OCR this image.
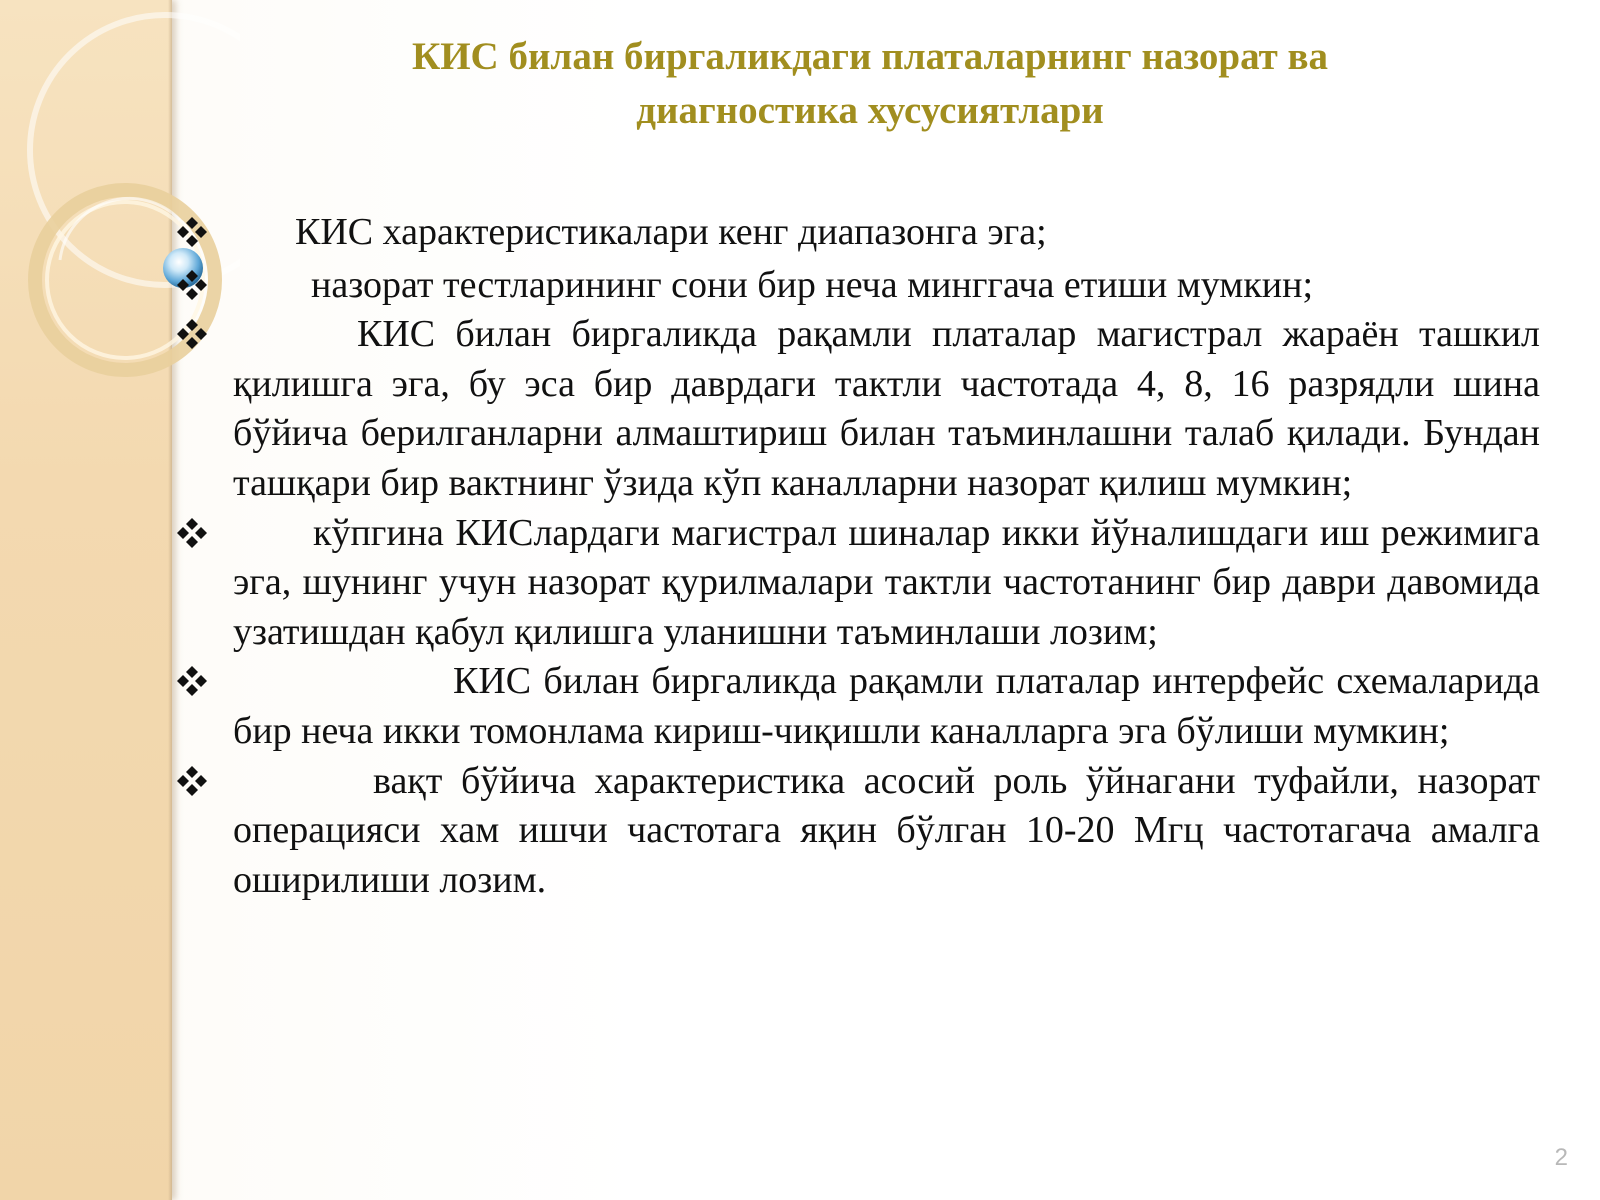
КИС билан биргаликдаги платаларнинг назорат ва
диагностика хусусиятлари

КИС характеристикалари кенг диапазонга эга;

назорат тестларининг сони бир неча минггача етиши мумкин;

КИС билан биргаликда рақамли платалар магистрал жараён ташкил қилишга эга, бу эса бир даврдаги тактли частотада 4, 8, 16 разрядли шина бўйича берилганларни алмаштириш билан таъминлашни талаб қилади. Бундан ташқари бир вактнинг ўзида кўп каналларни назорат қилиш мумкин;

кўпгина КИСлардаги магистрал шиналар икки йўналишдаги иш режимига эга, шунинг учун назорат қурилмалари тактли частотанинг бир даври давомида узатишдан қабул қилишга уланишни таъминлаши лозим;

КИС билан биргаликда рақамли платалар интерфейс схемаларида бир неча икки томонлама кириш-чиқишли каналларга эга бўлиши мумкин;

вақт бўйича характеристика асосий роль ўйнагани туфайли, назорат операцияси хам ишчи частотага яқин бўлган 10-20 Мгц частотагача амалга оширилиши лозим.

2
